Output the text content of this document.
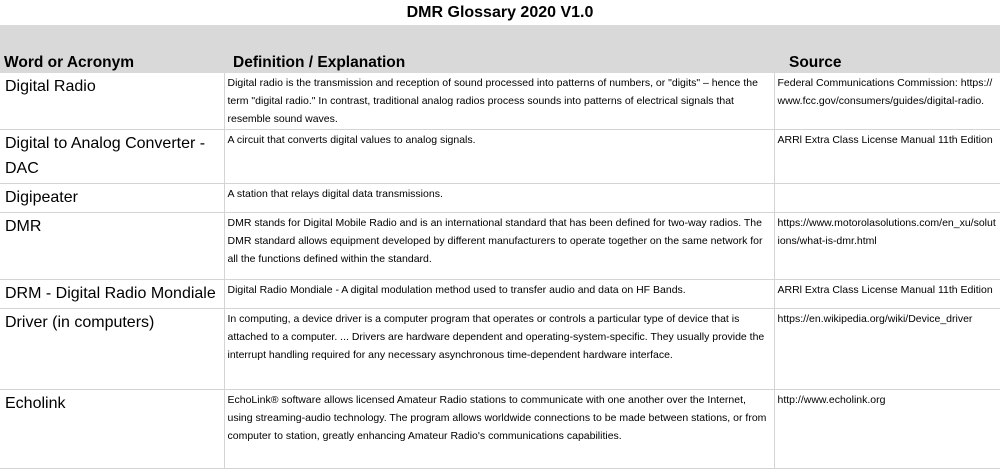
DMR Glossary 2020 V1.0
Word or Acronym	Definition / Explanation	Source
Digital Radio	Digital radio is the transmission and reception of sound processed into patterns of numbers, or "digits" – hence the term "digital radio." In contrast, traditional analog radios process sounds into patterns of electrical signals that resemble sound waves.	Federal Communications Commission: https://www.fcc.gov/consumers/guides/digital-radio.
Digital to Analog Converter - DAC	A circuit that converts digital values to analog signals.	ARRl Extra Class License Manual 11th Edition
Digipeater	A station that relays digital data transmissions.	
DMR	DMR stands for Digital Mobile Radio and is an international standard that has been defined for two-way radios. The DMR standard allows equipment developed by different manufacturers to operate together on the same network for all the functions defined within the standard.	https://www.motorolasolutions.com/en_xu/solutions/what-is-dmr.html
DRM - Digital Radio Mondiale	Digital Radio Mondiale - A digital modulation method used to transfer audio and data on HF Bands.	ARRl Extra Class License Manual 11th Edition
Driver (in computers)	In computing, a device driver is a computer program that operates or controls a particular type of device that is attached to a computer. ... Drivers are hardware dependent and operating-system-specific. They usually provide the interrupt handling required for any necessary asynchronous time-dependent hardware interface.	https://en.wikipedia.org/wiki/Device_driver
Echolink	EchoLink® software allows licensed Amateur Radio stations to communicate with one another over the Internet, using streaming-audio technology. The program allows worldwide connections to be made between stations, or from computer to station, greatly enhancing Amateur Radio's communications capabilities.	http://www.echolink.org
